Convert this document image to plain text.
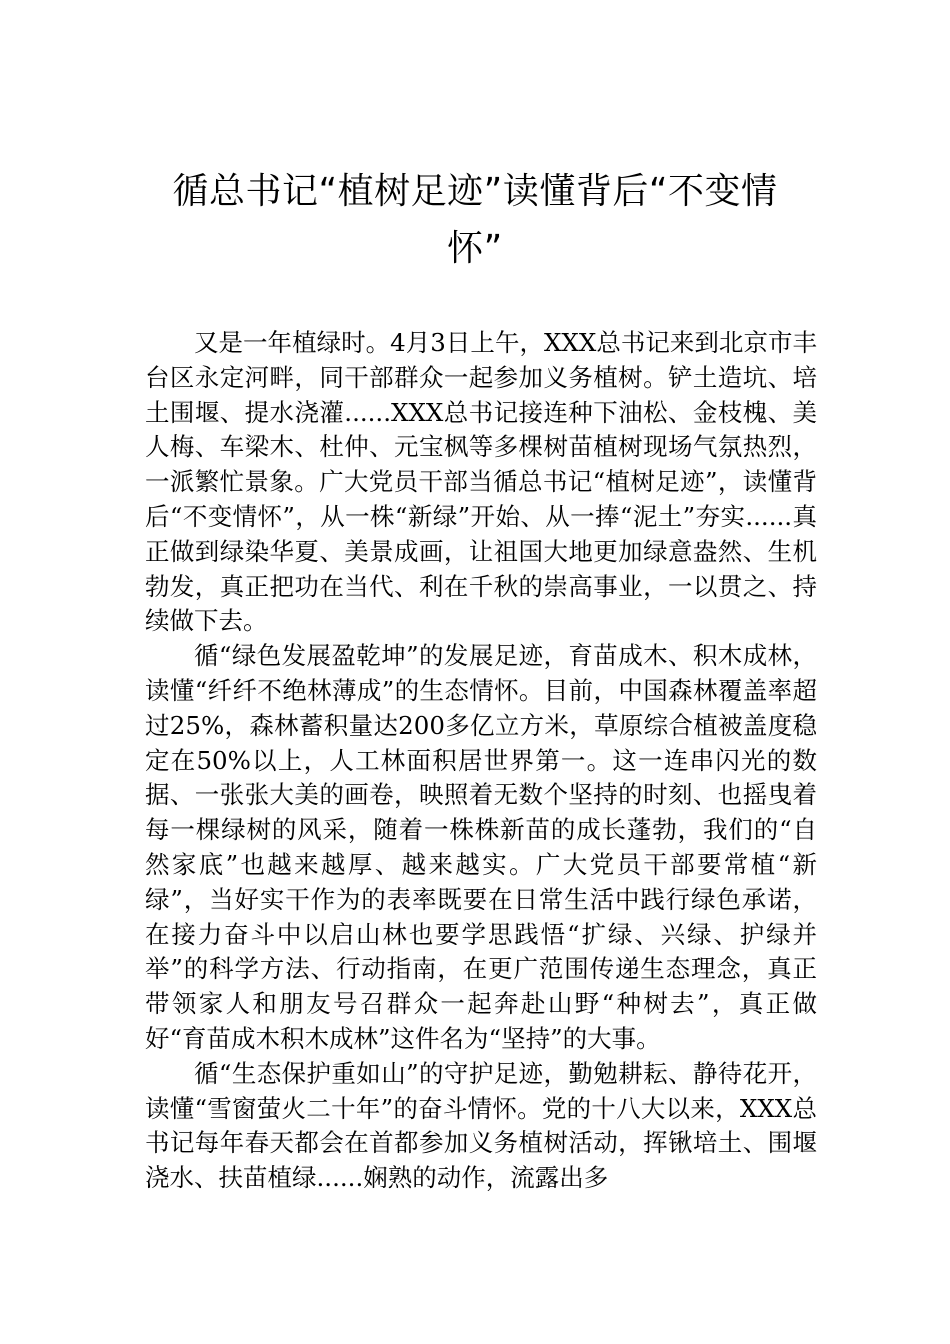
循总书记“植树足迹”读懂背后“不变情怀”

又是一年植绿时。4月3日上午，XXX总书记来到北京市丰台区永定河畔，同干部群众一起参加义务植树。铲土造坑、培土围堰、提水浇灌......XXX总书记接连种下油松、金枝槐、美人梅、车梁木、杜仲、元宝枫等多棵树苗植树现场气氛热烈，一派繁忙景象。广大党员干部当循总书记“植树足迹”，读懂背后“不变情怀”，从一株“新绿”开始、从一捧“泥土”夯实......真正做到绿染华夏、美景成画，让祖国大地更加绿意盎然、生机勃发，真正把功在当代、利在千秋的崇高事业，一以贯之、持续做下去。

循“绿色发展盈乾坤”的发展足迹，育苗成木、积木成林，读懂“纤纤不绝林薄成”的生态情怀。目前，中国森林覆盖率超过25%，森林蓄积量达200多亿立方米，草原综合植被盖度稳定在50%以上，人工林面积居世界第一。这一连串闪光的数据、一张张大美的画卷，映照着无数个坚持的时刻、也摇曳着每一棵绿树的风采，随着一株株新苗的成长蓬勃，我们的“自然家底”也越来越厚、越来越实。广大党员干部要常植“新绿”，当好实干作为的表率既要在日常生活中践行绿色承诺，在接力奋斗中以启山林也要学思践悟“扩绿、兴绿、护绿并举”的科学方法、行动指南，在更广范围传递生态理念，真正带领家人和朋友号召群众一起奔赴山野“种树去”，真正做好“育苗成木积木成林”这件名为“坚持”的大事。

循“生态保护重如山”的守护足迹，勤勉耕耘、静待花开，读懂“雪窗萤火二十年”的奋斗情怀。党的十八大以来，XXX总书记每年春天都会在首都参加义务植树活动，挥锹培土、围堰浇水、扶苗植绿......娴熟的动作，流露出多
